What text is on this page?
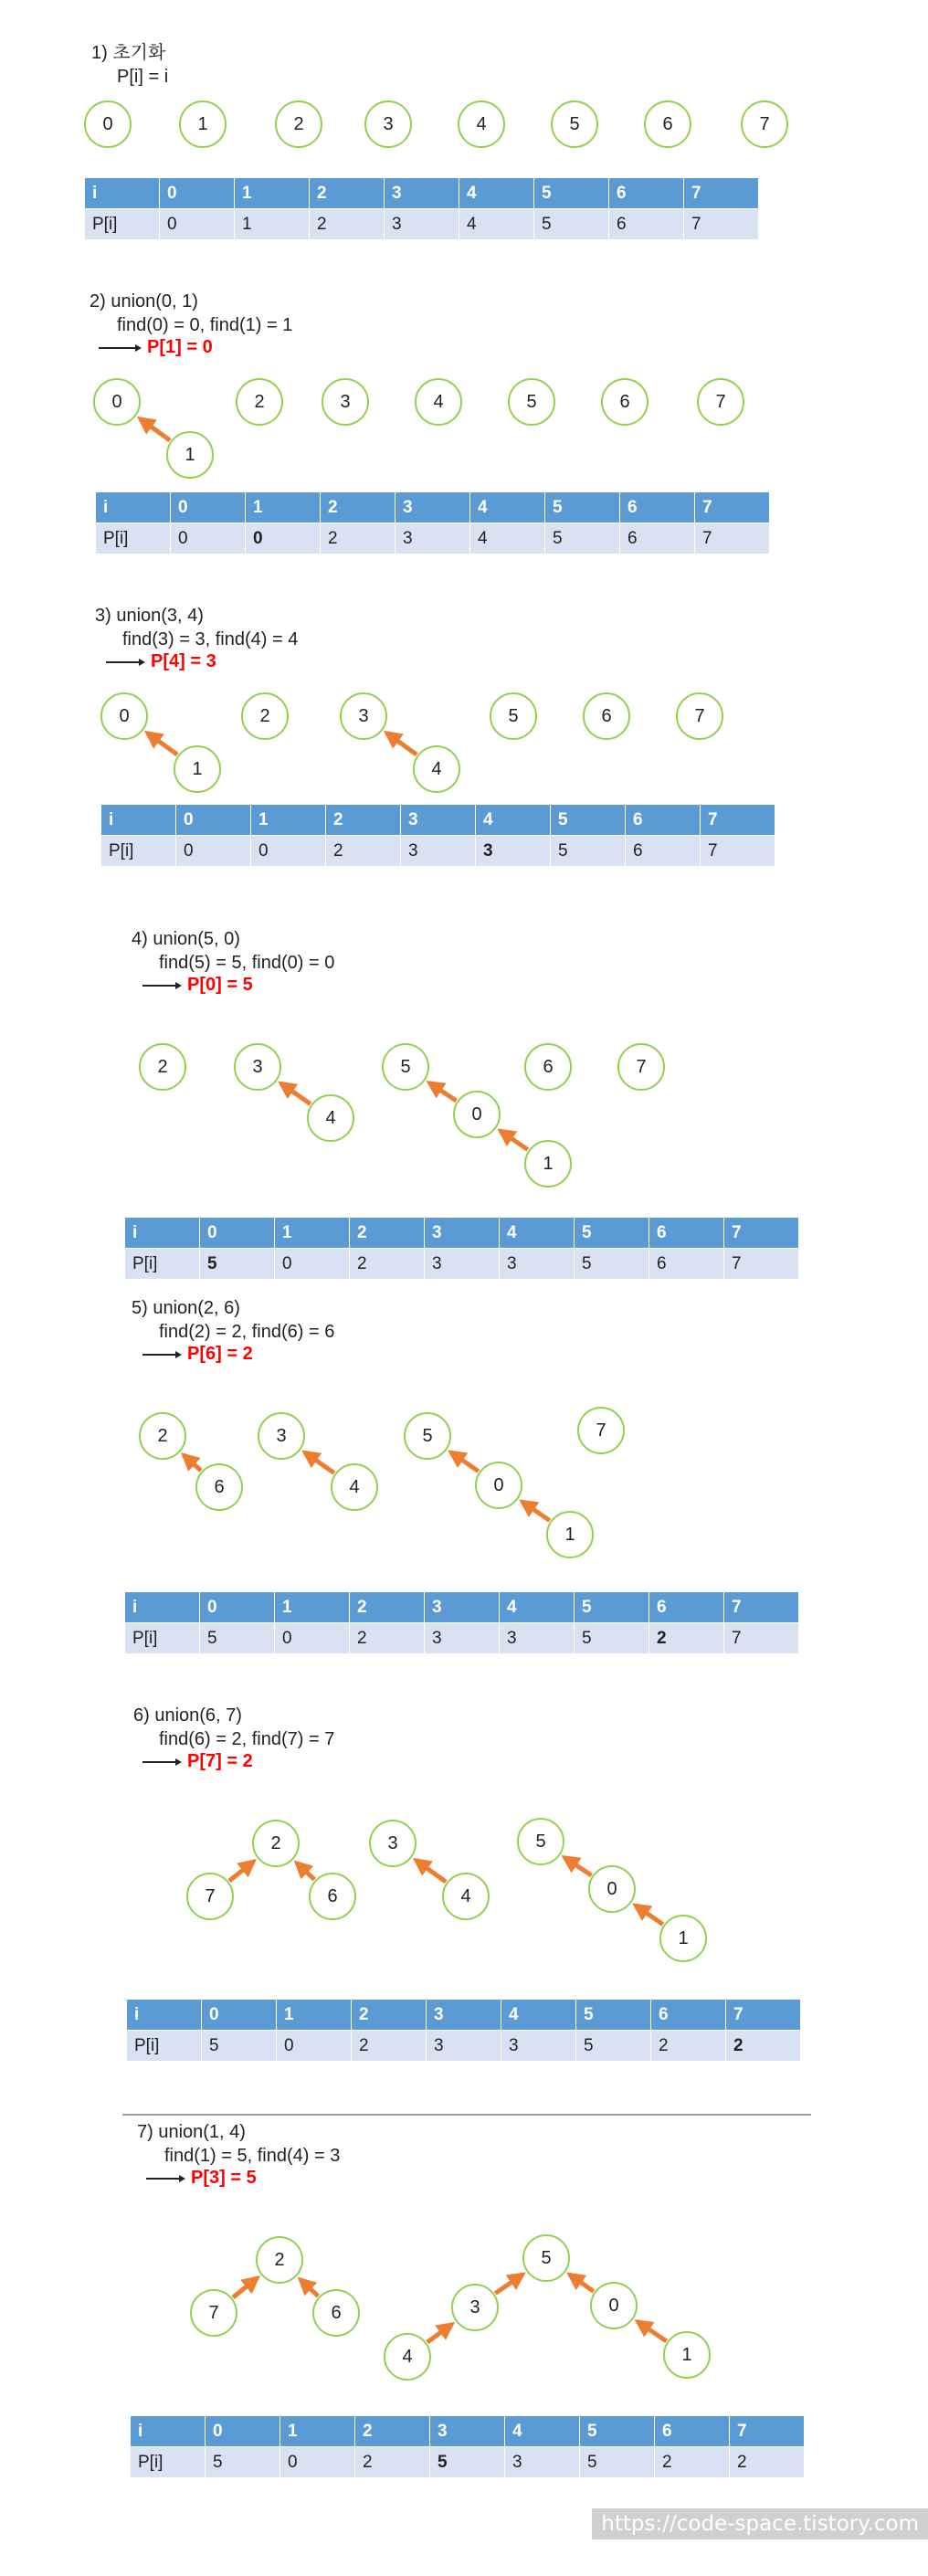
1) 초기화
P[i] = i
0	1	2	3	4	5	6	7
i	0	1	2	3	4	5	6	7
P[i]	0	1	2	3	4	5	6	7
2) union(0, 1)
find(0) = 0, find(1) = 1
P[1] = 0
0
1
2	3	4	5	6	7
i	0	1	2	3	4	5	6	7
P[i]	0	0	2	3	4	5	6	7
3) union(3, 4)
find(3) = 3, find(4) = 4
P[4] = 3
0
1
2	3
4
5	6	7
i	0	1	2	3	4	5	6	7
P[i]	0	0	2	3	3	5	6	7
4) union(5, 0)
find(5) = 5, find(0) = 0
P[0] = 5
2	3
4
5
0
1
6	7
i	0	1	2	3	4	5	6	7
P[i]	5	0	2	3	3	5	6	7
5) union(2, 6)
find(2) = 2, find(6) = 6
P[6] = 2
2
6
3
4
5
0
1
7
i	0	1	2	3	4	5	6	7
P[i]	5	0	2	3	3	5	2	7
6) union(6, 7)
find(6) = 2, find(7) = 7
P[7] = 2
2
7	6
3
4
5
0
1
i	0	1	2	3	4	5	6	7
P[i]	5	0	2	3	3	5	2	2
7) union(1, 4)
find(1) = 5, find(4) = 3
P[3] = 5
2
7	6
5
3	0
4	1
i	0	1	2	3	4	5	6	7
P[i]	5	0	2	5	3	5	2	2
https://code-space.tistory.com
